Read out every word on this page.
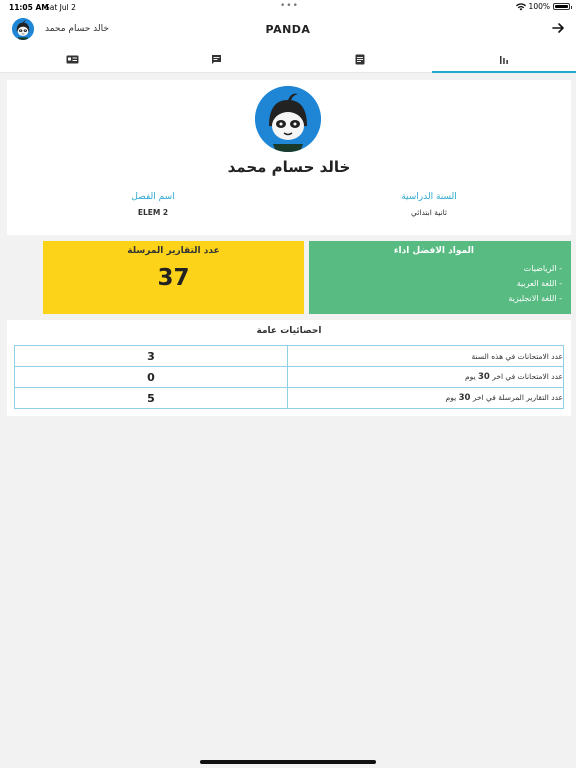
11:05 AM
Sat Jul 2	•••	100%
خالد حسام محمد	PANDA
خالد حسام محمد
اسم الفصل
ELEM 2
السنة الدراسية
ثانية ابتدائي
عدد التقارير المرسلة
37
المواد الافضل اداء
- الرياضيات
- اللغة العربية
- اللغة الانجليزية
احصائيات عامة
3	عدد الامتحانات في هذه السنة
0	عدد الامتحانات في اخر 30 يوم
5	عدد التقارير المرسلة في اخر 30 يوم
